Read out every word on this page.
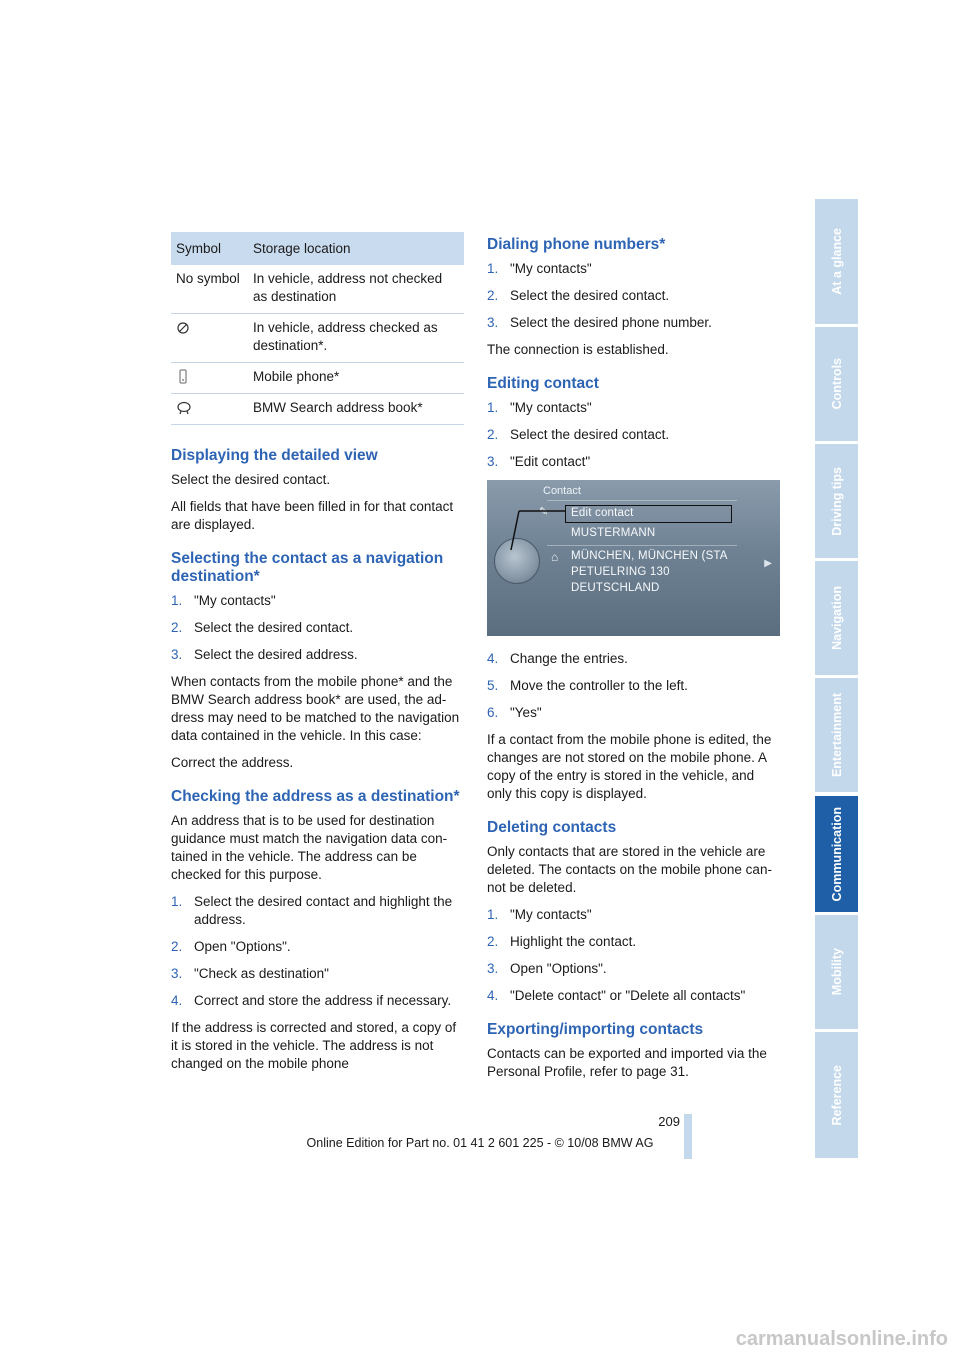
Symbol	Storage location
No symbol	In vehicle, address not checked as destination
	In vehicle, address checked as destination*.
	Mobile phone*
	BMW Search address book*
Displaying the detailed view

Select the desired contact.

All fields that have been filled in for that contact are displayed.

Selecting the contact as a navigation destination*
1. "My contacts"
2. Select the desired contact.
3. Select the desired address.

When contacts from the mobile phone* and the BMW Search address book* are used, the ad-dress may need to be matched to the navigation data contained in the vehicle. In this case:

Correct the address.

Checking the address as a destination*

An address that is to be used for destination guidance must match the navigation data con-tained in the vehicle. The address can be checked for this purpose.

1. Select the desired contact and highlight the address.
2. Open "Options".
3. "Check as destination"
4. Correct and store the address if necessary.

If the address is corrected and stored, a copy of it is stored in the vehicle. The address is not changed on the mobile phone

Dialing phone numbers*
1. "My contacts"
2. Select the desired contact.
3. Select the desired phone number.

The connection is established.

Editing contact
1. "My contacts"
2. Select the desired contact.
3. "Edit contact"
Contact
✎ Edit contact
MUSTERMANN
⌂ MÜNCHEN, MÜNCHEN (STA
PETUELRING 130
DEUTSCHLAND
▶
4. Change the entries.
5. Move the controller to the left.
6. "Yes"

If a contact from the mobile phone is edited, the changes are not stored on the mobile phone. A copy of the entry is stored in the vehicle, and only this copy is displayed.

Deleting contacts

Only contacts that are stored in the vehicle are deleted. The contacts on the mobile phone can-not be deleted.

1. "My contacts"
2. Highlight the contact.
3. Open "Options".
4. "Delete contact" or "Delete all contacts"
Exporting/importing contacts

Contacts can be exported and imported via the Personal Profile, refer to page 31.

At a glance
Controls
Driving tips
Navigation
Entertainment
Communication
Mobility
Reference
209
Online Edition for Part no. 01 41 2 601 225 - © 10/08 BMW AG
carmanualsonline.info
